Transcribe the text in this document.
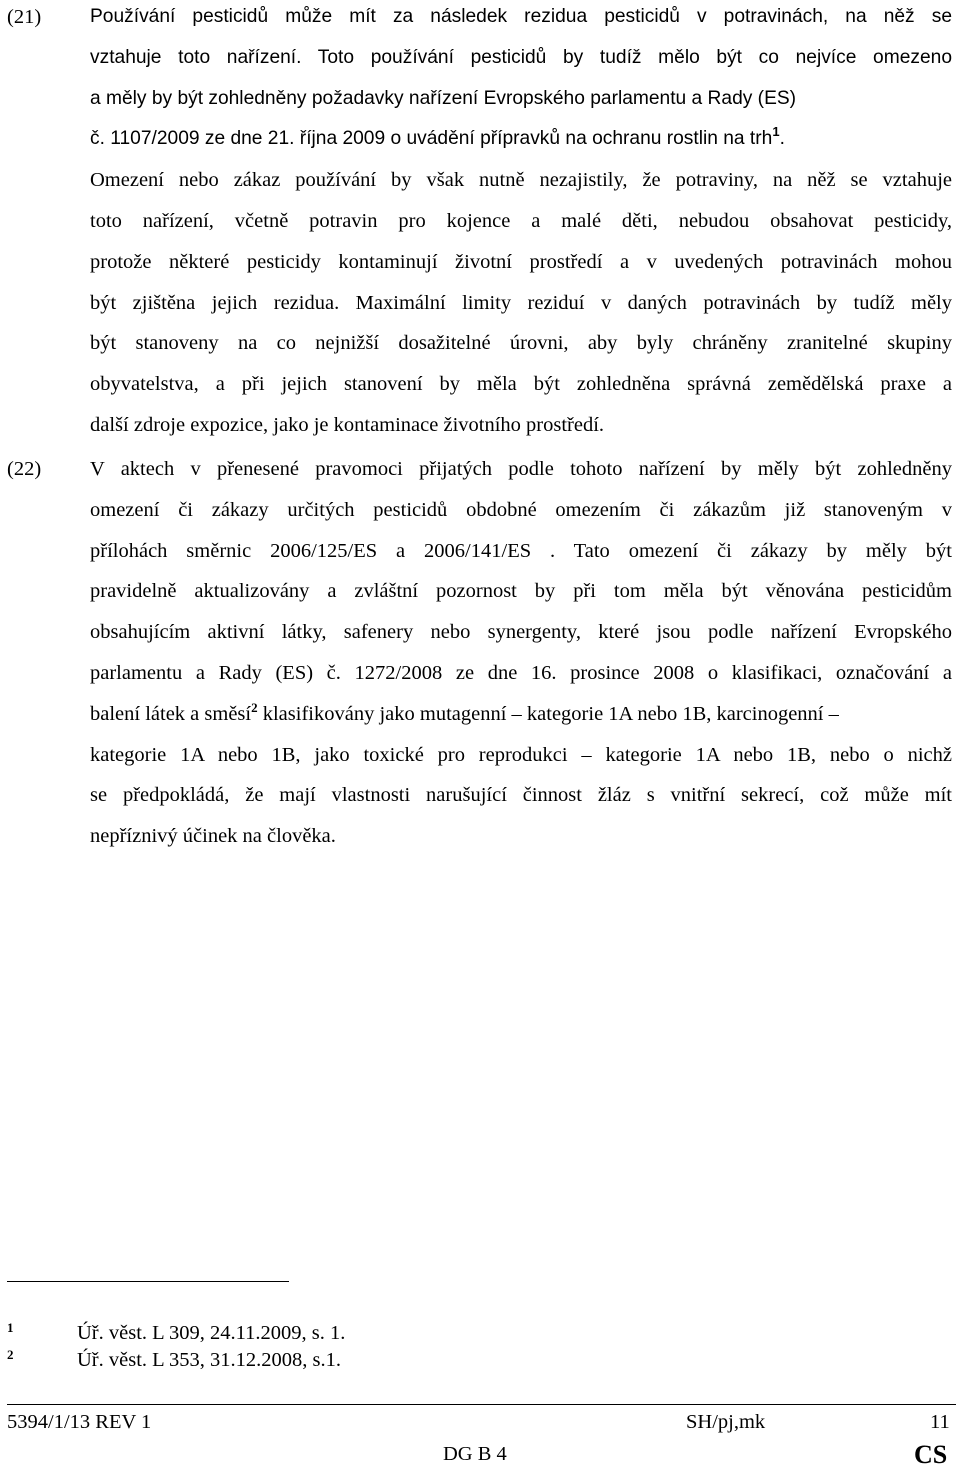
(21)	Používání pesticidů může mít za následek rezidua pesticidů v potravinách, na něž se
vztahuje toto nařízení. Toto používání pesticidů by tudíž mělo být co nejvíce omezeno
a měly by být zohledněny požadavky nařízení Evropského parlamentu a Rady (ES)
č. 1107/2009 ze dne 21. října 2009 o uvádění přípravků na ochranu rostlin na trh$^1$.
Omezení nebo zákaz používání by však nutně nezajistily, že potraviny, na něž se vztahuje
toto nařízení, včetně potravin pro kojence a malé děti, nebudou obsahovat pesticidy,
protože některé pesticidy kontaminují životní prostředí a v uvedených potravinách mohou
být zjištěna jejich rezidua. Maximální limity reziduí v daných potravinách by tudíž měly
být stanoveny na co nejnižší dosažitelné úrovni, aby byly chráněny zranitelné skupiny
obyvatelstva, a při jejich stanovení by měla být zohledněna správná zemědělská praxe a
další zdroje expozice, jako je kontaminace životního prostředí.

(22) V aktech v přenesené pravomoci přijatých podle tohoto nařízení by měly být zohledněny
omezení či zákazy určitých pesticidů obdobné omezením či zákazům již stanoveným v
přílohách směrnic 2006/125/ES a 2006/141/ES . Tato omezení či zákazy by měly být
pravidelně aktualizovány a zvláštní pozornost by při tom měla být věnována pesticidům
obsahujícím aktivní látky, safenery nebo synergenty, které jsou podle nařízení Evropského
parlamentu a Rady (ES) č. 1272/2008 ze dne 16. prosince 2008 o klasifikaci, označování a
balení látek a směsí$^2$ klasifikovány jako mutagenní – kategorie 1A nebo 1B, karcinogenní –
kategorie 1A nebo 1B, jako toxické pro reprodukci – kategorie 1A nebo 1B, nebo o nichž
se předpokládá, že mají vlastnosti narušující činnost žláz s vnitřní sekrecí, což může mít
nepříznivý účinek na člověka.
1	Úř. věst. L 309, 24.11.2009, s. 1.
2	Úř. věst. L 353, 31.12.2008, s.1.
5394/1/13 REV 1	SH/pj,mk	11
DG B 4	CS
